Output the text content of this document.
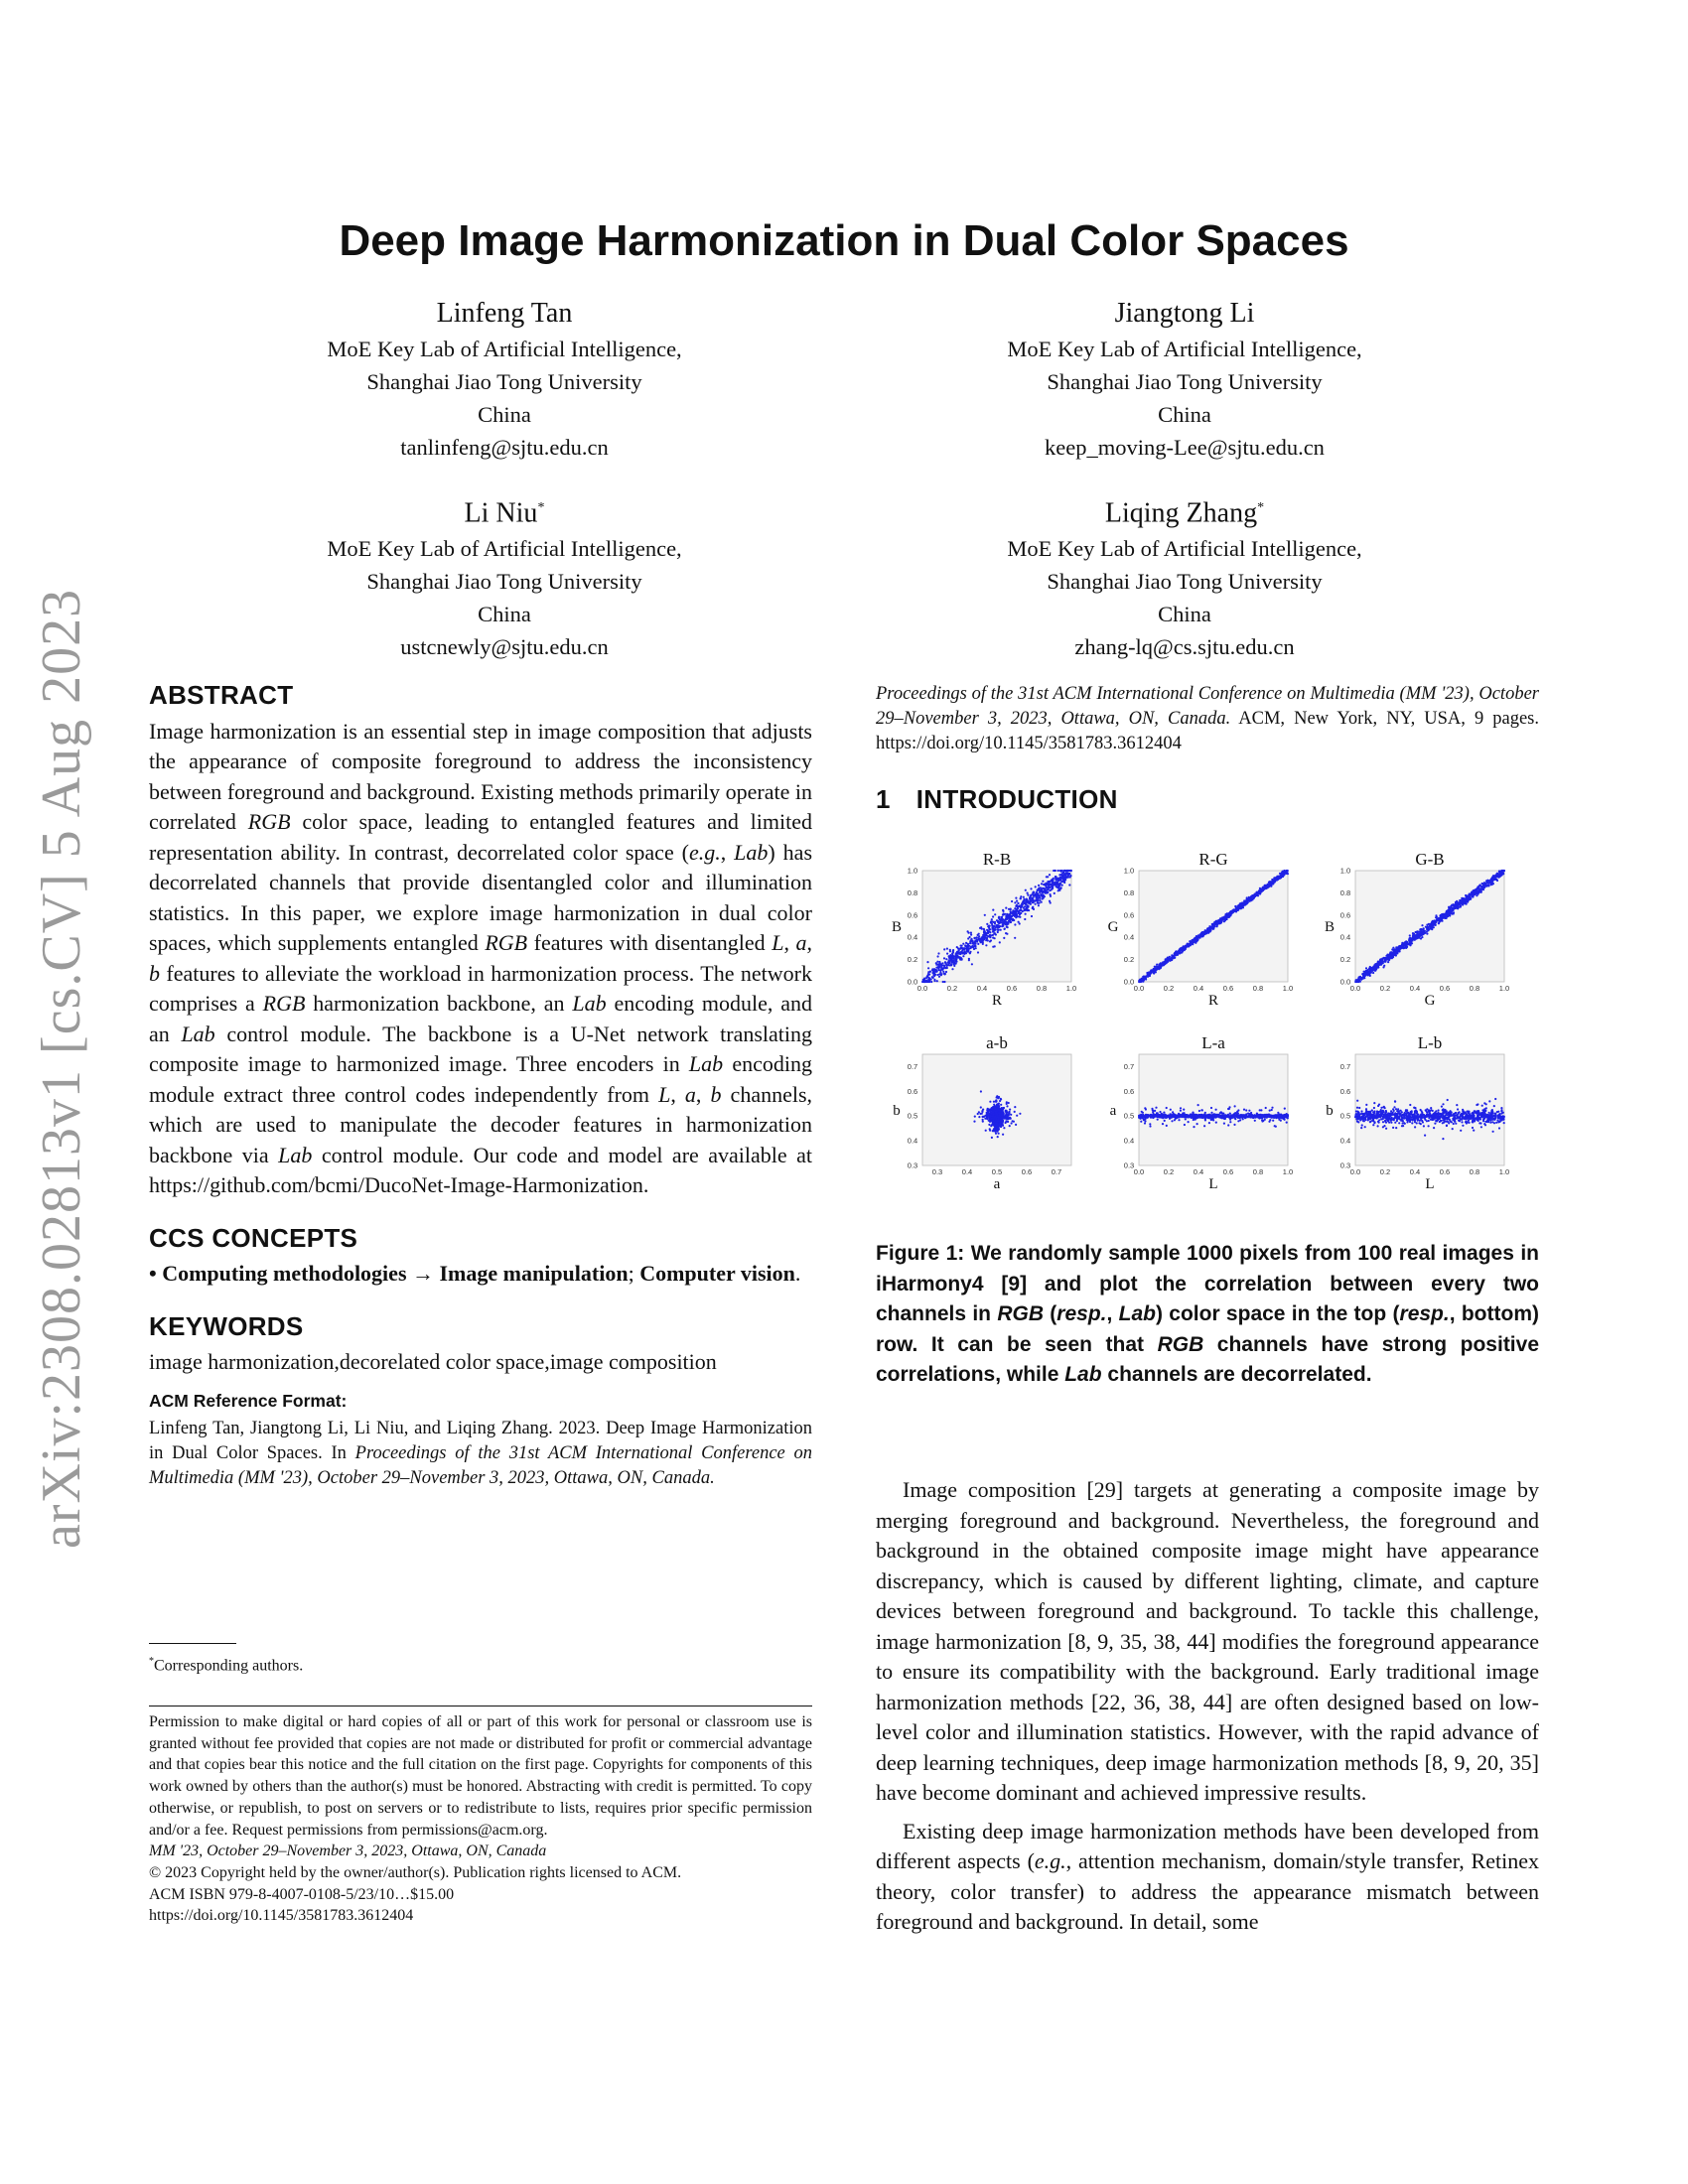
arXiv:2308.02813v1 [cs.CV] 5 Aug 2023
Deep Image Harmonization in Dual Color Spaces
Linfeng Tan
MoE Key Lab of Artificial Intelligence,
Shanghai Jiao Tong University
China
tanlinfeng@sjtu.edu.cn
Jiangtong Li
MoE Key Lab of Artificial Intelligence,
Shanghai Jiao Tong University
China
keep_moving-Lee@sjtu.edu.cn
Li Niu*
MoE Key Lab of Artificial Intelligence,
Shanghai Jiao Tong University
China
ustcnewly@sjtu.edu.cn
Liqing Zhang*
MoE Key Lab of Artificial Intelligence,
Shanghai Jiao Tong University
China
zhang-lq@cs.sjtu.edu.cn
ABSTRACT

Image harmonization is an essential step in image composition that adjusts the appearance of composite foreground to address the inconsistency between foreground and background. Existing methods primarily operate in correlated RGB color space, leading to entangled features and limited representation ability. In contrast, decorrelated color space (e.g., Lab) has decorrelated channels that provide disentangled color and illumination statistics. In this paper, we explore image harmonization in dual color spaces, which supplements entangled RGB features with disentangled L, a, b features to alleviate the workload in harmonization process. The network comprises a RGB harmonization backbone, an Lab encoding module, and an Lab control module. The backbone is a U-Net network translating composite image to harmonized image. Three encoders in Lab encoding module extract three control codes independently from L, a, b channels, which are used to manipulate the decoder features in harmonization backbone via Lab control module. Our code and model are available at https://github.com/bcmi/DucoNet-Image-Harmonization.

CCS CONCEPTS

• Computing methodologies → Image manipulation; Computer vision.

KEYWORDS

image harmonization,decorelated color space,image composition

ACM Reference Format:

Linfeng Tan, Jiangtong Li, Li Niu, and Liqing Zhang. 2023. Deep Image Harmonization in Dual Color Spaces. In Proceedings of the 31st ACM International Conference on Multimedia (MM '23), October 29–November 3, 2023, Ottawa, ON, Canada.

*Corresponding authors.

Permission to make digital or hard copies of all or part of this work for personal or classroom use is granted without fee provided that copies are not made or distributed for profit or commercial advantage and that copies bear this notice and the full citation on the first page. Copyrights for components of this work owned by others than the author(s) must be honored. Abstracting with credit is permitted. To copy otherwise, or republish, to post on servers or to redistribute to lists, requires prior specific permission and/or a fee. Request permissions from permissions@acm.org.

MM '23, October 29–November 3, 2023, Ottawa, ON, Canada

© 2023 Copyright held by the owner/author(s). Publication rights licensed to ACM.

ACM ISBN 979-8-4007-0108-5/23/10…$15.00

https://doi.org/10.1145/3581783.3612404

Proceedings of the 31st ACM International Conference on Multimedia (MM '23), October 29–November 3, 2023, Ottawa, ON, Canada. ACM, New York, NY, USA, 9 pages. https://doi.org/10.1145/3581783.3612404
1 INTRODUCTION
R-B
0.0	0.2	0.4	0.6	0.8	1.0
0.0
0.2
0.4
0.6
0.8
1.0
R
B
R-G
0.0	0.2	0.4	0.6	0.8	1.0
0.0
0.2
0.4
0.6
0.8
1.0
R
G
G-B
0.0	0.2	0.4	0.6	0.8	1.0
0.0
0.2
0.4
0.6
0.8
1.0
G
B
a-b
0.3	0.4	0.5	0.6	0.7
0.3
0.4
0.5
0.6
0.7
a
b
L-a
0.0	0.2	0.4	0.6	0.8	1.0
0.3
0.4
0.5
0.6
0.7
L
a
L-b
0.0	0.2	0.4	0.6	0.8	1.0
0.3
0.4
0.5
0.6
0.7
L
b
Figure 1: We randomly sample 1000 pixels from 100 real images in iHarmony4 [9] and plot the correlation between every two channels in RGB (resp., Lab) color space in the top (resp., bottom) row. It can be seen that RGB channels have strong positive correlations, while Lab channels are decorrelated.

Image composition [29] targets at generating a composite image by merging foreground and background. Nevertheless, the foreground and background in the obtained composite image might have appearance discrepancy, which is caused by different lighting, climate, and capture devices between foreground and background. To tackle this challenge, image harmonization [8, 9, 35, 38, 44] modifies the foreground appearance to ensure its compatibility with the background. Early traditional image harmonization methods [22, 36, 38, 44] are often designed based on low-level color and illumination statistics. However, with the rapid advance of deep learning techniques, deep image harmonization methods [8, 9, 20, 35] have become dominant and achieved impressive results.

Existing deep image harmonization methods have been developed from different aspects (e.g., attention mechanism, domain/style transfer, Retinex theory, color transfer) to address the appearance mismatch between foreground and background. In detail, some
